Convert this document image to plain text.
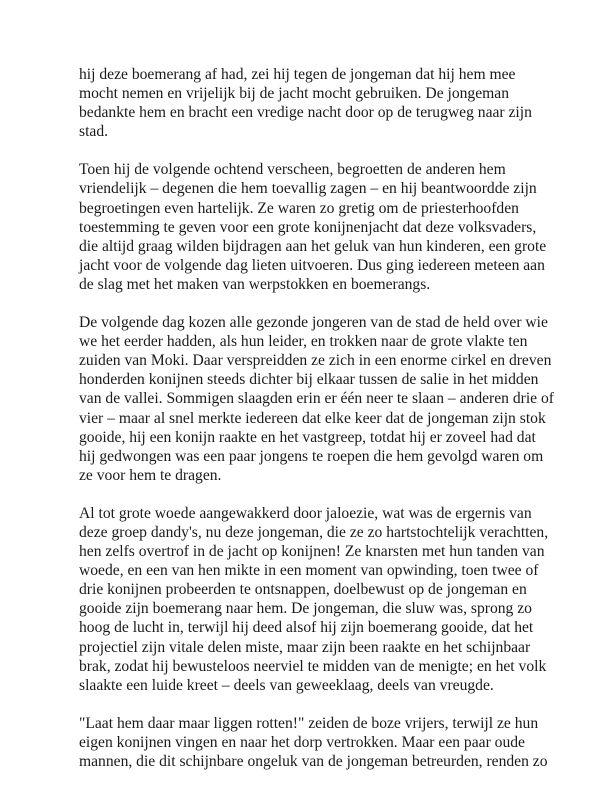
hij deze boemerang af had, zei hij tegen de jongeman dat hij hem mee
mocht nemen en vrijelijk bij de jacht mocht gebruiken. De jongeman
bedankte hem en bracht een vredige nacht door op de terugweg naar zijn
stad.

Toen hij de volgende ochtend verscheen, begroetten de anderen hem
vriendelijk – degenen die hem toevallig zagen – en hij beantwoordde zijn
begroetingen even hartelijk. Ze waren zo gretig om de priesterhoofden
toestemming te geven voor een grote konijnenjacht dat deze volksvaders,
die altijd graag wilden bijdragen aan het geluk van hun kinderen, een grote
jacht voor de volgende dag lieten uitvoeren. Dus ging iedereen meteen aan
de slag met het maken van werpstokken en boemerangs.

De volgende dag kozen alle gezonde jongeren van de stad de held over wie
we het eerder hadden, als hun leider, en trokken naar de grote vlakte ten
zuiden van Moki. Daar verspreidden ze zich in een enorme cirkel en dreven
honderden konijnen steeds dichter bij elkaar tussen de salie in het midden
van de vallei. Sommigen slaagden erin er één neer te slaan – anderen drie of
vier – maar al snel merkte iedereen dat elke keer dat de jongeman zijn stok
gooide, hij een konijn raakte en het vastgreep, totdat hij er zoveel had dat
hij gedwongen was een paar jongens te roepen die hem gevolgd waren om
ze voor hem te dragen.

Al tot grote woede aangewakkerd door jaloezie, wat was de ergernis van
deze groep dandy's, nu deze jongeman, die ze zo hartstochtelijk verachtten,
hen zelfs overtrof in de jacht op konijnen! Ze knarsten met hun tanden van
woede, en een van hen mikte in een moment van opwinding, toen twee of
drie konijnen probeerden te ontsnappen, doelbewust op de jongeman en
gooide zijn boemerang naar hem. De jongeman, die sluw was, sprong zo
hoog de lucht in, terwijl hij deed alsof hij zijn boemerang gooide, dat het
projectiel zijn vitale delen miste, maar zijn been raakte en het schijnbaar
brak, zodat hij bewusteloos neerviel te midden van de menigte; en het volk
slaakte een luide kreet – deels van geweeklaag, deels van vreugde.

"Laat hem daar maar liggen rotten!" zeiden de boze vrijers, terwijl ze hun
eigen konijnen vingen en naar het dorp vertrokken. Maar een paar oude
mannen, die dit schijnbare ongeluk van de jongeman betreurden, renden zo
